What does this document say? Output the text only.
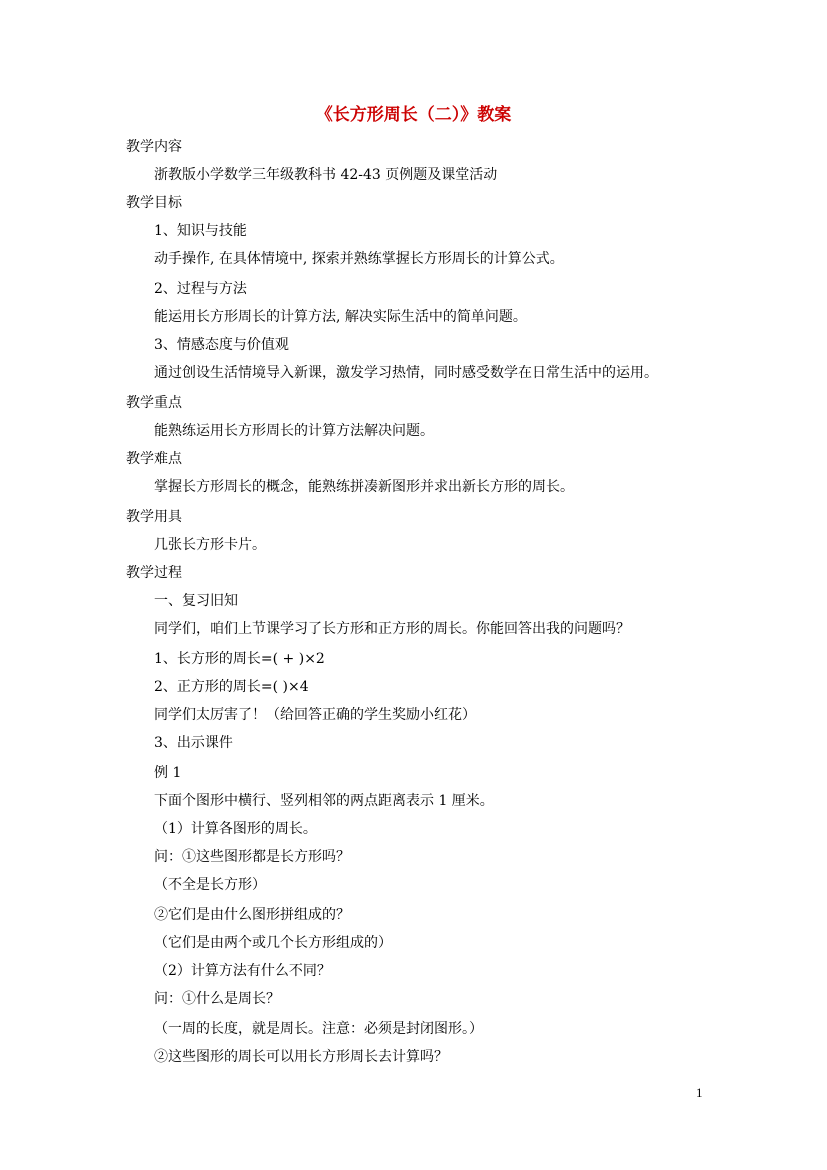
《长方形周长（二）》教案
教学内容
浙教版小学数学三年级教科书 42-43 页例题及课堂活动
教学目标
1、知识与技能
动手操作, 在具体情境中, 探索并熟练掌握长方形周长的计算公式。
2、过程与方法
能运用长方形周长的计算方法, 解决实际生活中的简单问题。
3、情感态度与价值观
通过创设生活情境导入新课，激发学习热情，同时感受数学在日常生活中的运用。
教学重点
能熟练运用长方形周长的计算方法解决问题。
教学难点
掌握长方形周长的概念，能熟练拼凑新图形并求出新长方形的周长。
教学用具
几张长方形卡片。
教学过程
一、复习旧知
同学们，咱们上节课学习了长方形和正方形的周长。你能回答出我的问题吗？
1、长方形的周长=( + )×2
2、正方形的周长=( )×4
同学们太厉害了！（给回答正确的学生奖励小红花）
3、出示课件
例 1
下面个图形中横行、竖列相邻的两点距离表示 1 厘米。
（1）计算各图形的周长。
问：①这些图形都是长方形吗？
（不全是长方形）
②它们是由什么图形拼组成的？
（它们是由两个或几个长方形组成的）
（2）计算方法有什么不同？
问：①什么是周长？
（一周的长度，就是周长。注意：必须是封闭图形。）
②这些图形的周长可以用长方形周长去计算吗？
1
